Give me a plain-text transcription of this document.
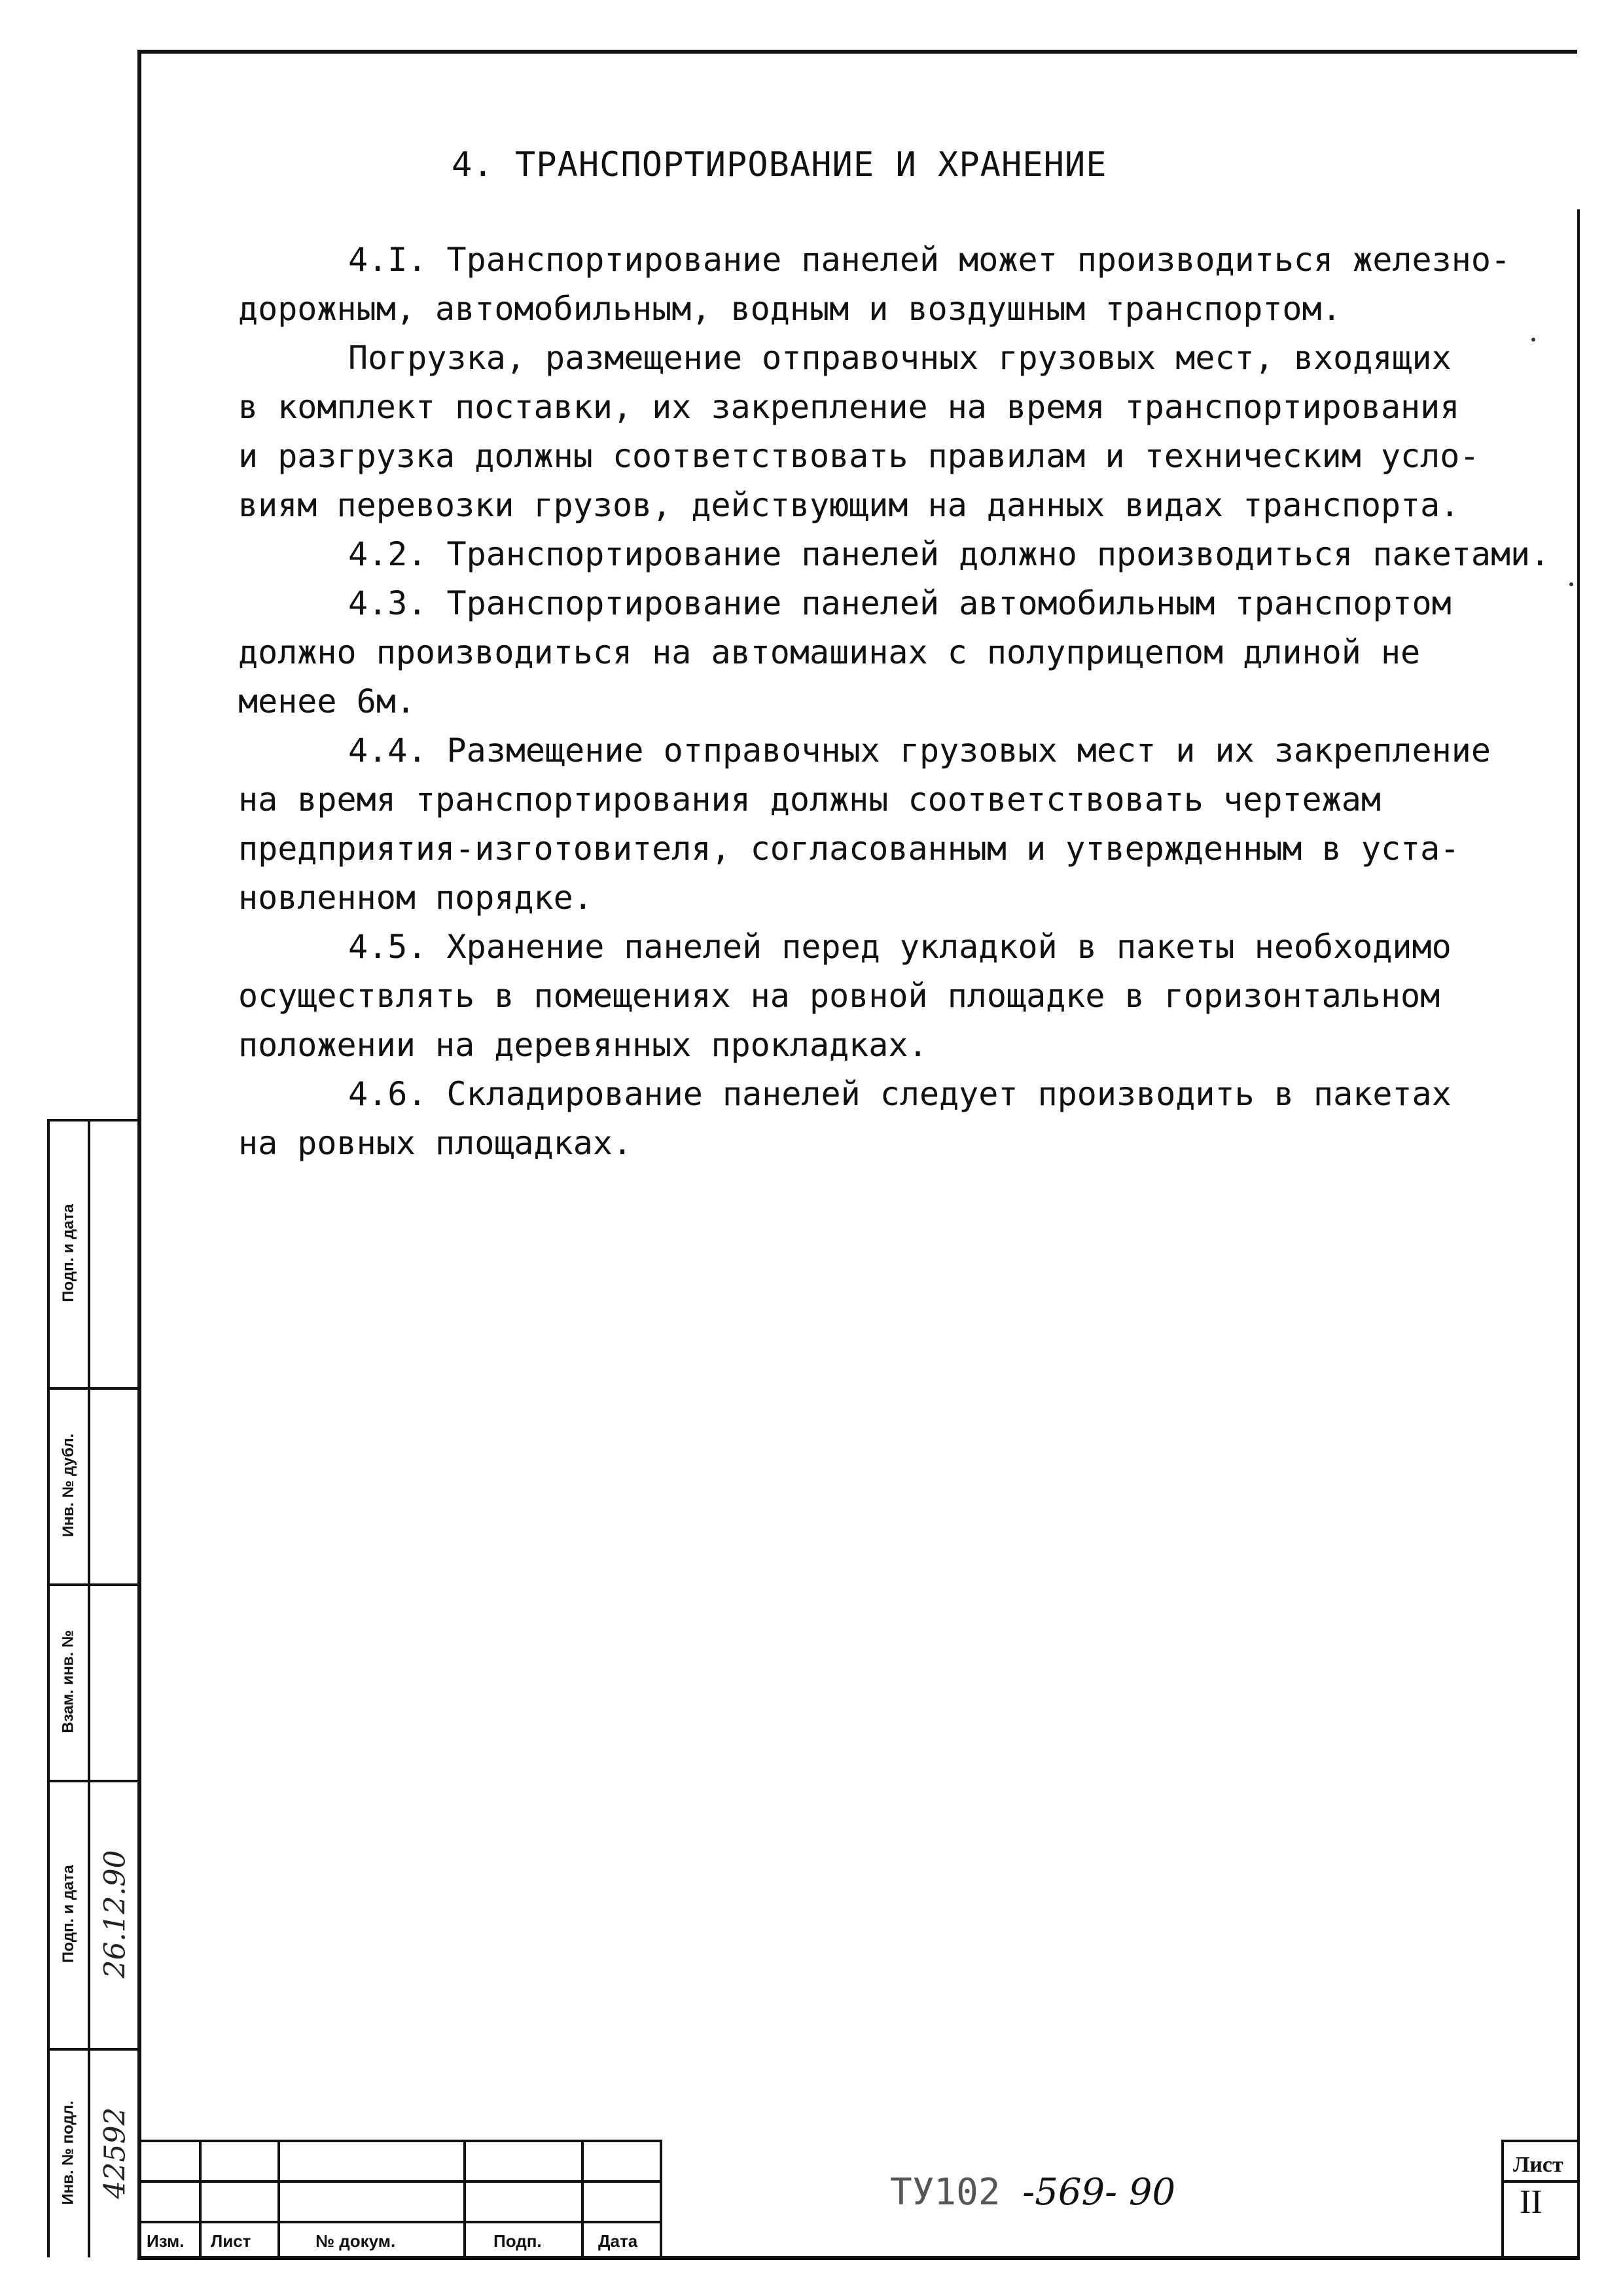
4. ТРАНСПОРТИРОВАНИЕ И ХРАНЕНИЕ
4.I. Транспортирование панелей может производиться железно-
дорожным, автомобильным, водным и воздушным транспортом.
Погрузка, размещение отправочных грузовых мест, входящих
в комплект поставки, их закрепление на время транспортирования
и разгрузка должны соответствовать правилам и техническим усло-
виям перевозки грузов, действующим на данных видах транспорта.
4.2. Транспортирование панелей должно производиться пакетами.
4.3. Транспортирование панелей автомобильным транспортом
должно производиться на автомашинах с полуприцепом длиной не
менее 6м.
4.4. Размещение отправочных грузовых мест и их закрепление
на время транспортирования должны соответствовать чертежам
предприятия-изготовителя, согласованным и утвержденным в уста-
новленном порядке.
4.5. Хранение панелей перед укладкой в пакеты необходимо
осуществлять в помещениях на ровной площадке в горизонтальном
положении на деревянных прокладках.
4.6. Складирование панелей следует производить в пакетах
на ровных площадках.
Подп. и дата
Инв. № дубл.
Взам. инв. №
Подп. и дата
Инв. № подл.
26.12.90
42592
Изм. Лист	№ докум.	Подп.	Дата
ТУ102 -569- 90
Лист
II
